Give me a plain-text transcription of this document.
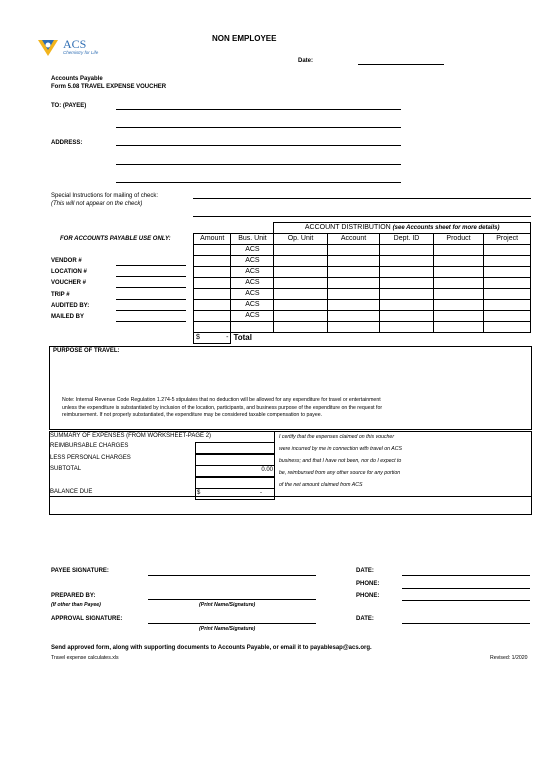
ACS
Chemistry for Life
NON EMPLOYEE
Date:
Accounts Payable
Form 5.08 TRAVEL EXPENSE VOUCHER
TO: (PAYEE)
ADDRESS:
Special Instructions for mailing of check:
(This will not appear on the check)
FOR ACCOUNTS PAYABLE USE ONLY:
VENDOR #
LOCATION #
VOUCHER #
TRIP #
AUDITED BY:
MAILED BY
		ACCOUNT DISTRIBUTION (see Accounts sheet for more details)				
Amount	Bus. Unit	Op. Unit	Account	Dept. ID	Product	Project
	ACS					
	ACS					
	ACS					
	ACS					
	ACS					
	ACS					
	ACS					

$ -	Total					
PURPOSE OF TRAVEL:
Note: Internal Revenue Code Regulation 1.274-5 stipulates that no deduction will be allowed for any expenditure for travel or entertainment unless the expenditure is substantiated by inclusion of the location, participants, and business purpose of the expenditure on the request for reimbursement. If not properly substantiated, the expenditure may be considered taxable compensation to payee.
SUMMARY OF EXPENSES (FROM WORKSHEET-PAGE 2)
REIMBURSABLE CHARGES
LESS PERSONAL CHARGES
SUBTOTAL	0.00
BALANCE DUE	$	-
I certify that the expenses claimed on this voucher
were incurred by me in connection with travel on ACS
business; and that I have not been, nor do I expect to
be, reimbursed from any other source for any portion
of the net amount claimed from ACS
PAYEE SIGNATURE:	DATE:
PHONE:
PREPARED BY:
(If other than Payee)	(Print Name/Signature)
PHONE:
APPROVAL SIGNATURE:
(Print Name/Signature)
DATE:
Send approved form, along with supporting documents to Accounts Payable, or email it to payablesap@acs.org.
Travel expense calculates.xls	Revised: 1/2020
